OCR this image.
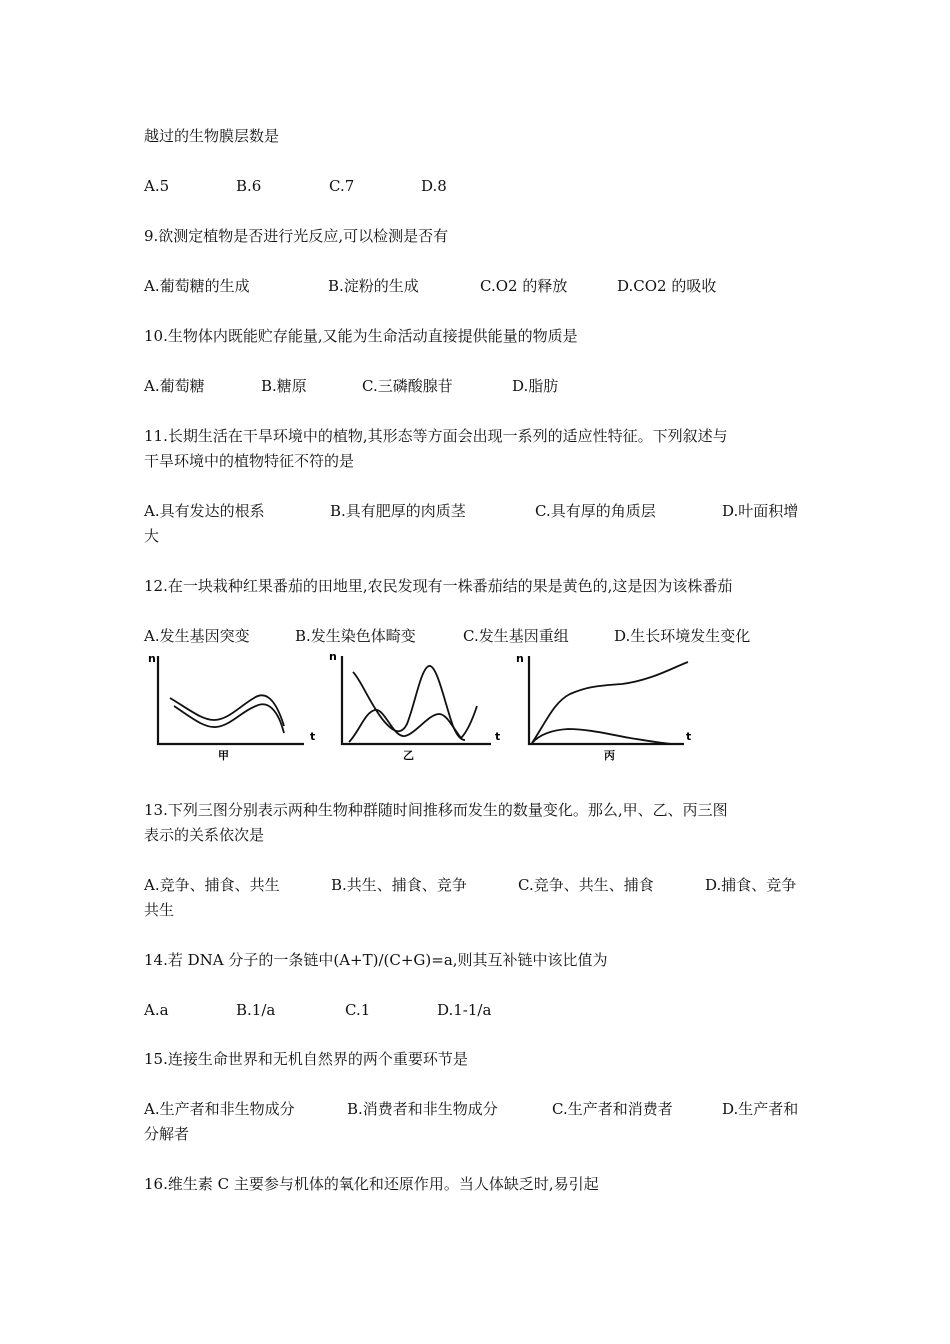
越过的生物膜层数是
A.5	B.6	C.7	D.8
9.欲测定植物是否进行光反应,可以检测是否有
A.葡萄糖的生成	B.淀粉的生成	C.O2 的释放	D.CO2 的吸收
10.生物体内既能贮存能量,又能为生命活动直接提供能量的物质是
A.葡萄糖	B.糖原	C.三磷酸腺苷	D.脂肪
11.长期生活在干旱环境中的植物,其形态等方面会出现一系列的适应性特征。下列叙述与
干旱环境中的植物特征不符的是
A.具有发达的根系	B.具有肥厚的肉质茎	C.具有厚的角质层	D.叶面积增
大
12.在一块栽种红果番茄的田地里,农民发现有一株番茄结的果是黄色的,这是因为该株番茄
A.发生基因突变	B.发生染色体畸变	C.发生基因重组	D.生长环境发生变化
n
t
甲
n
t
乙
n
t
丙
13.下列三图分别表示两种生物种群随时间推移而发生的数量变化。那么,甲、乙、丙三图
表示的关系依次是
A.竞争、捕食、共生	B.共生、捕食、竞争	C.竞争、共生、捕食	D.捕食、竞争
共生
14.若 DNA 分子的一条链中(A+T)/(C+G)=a,则其互补链中该比值为
A.a	B.1/a	C.1	D.1-1/a
15.连接生命世界和无机自然界的两个重要环节是
A.生产者和非生物成分	B.消费者和非生物成分	C.生产者和消费者	D.生产者和
分解者
16.维生素 C 主要参与机体的氧化和还原作用。当人体缺乏时,易引起
